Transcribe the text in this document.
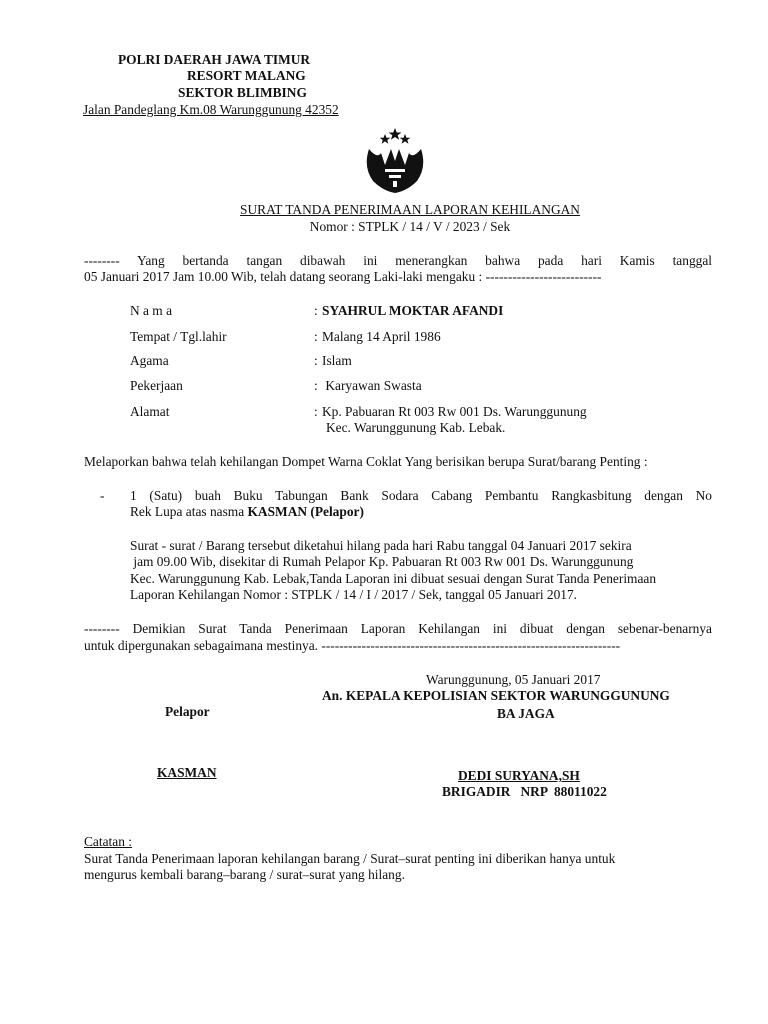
POLRI DAERAH JAWA TIMUR
RESORT MALANG
SEKTOR BLIMBING
Jalan Pandeglang Km.08 Warunggunung 42352
SURAT TANDA PENERIMAAN LAPORAN KEHILANGAN
Nomor : STPLK / 14 / V / 2023 / Sek
-------- Yang bertanda tangan dibawah ini menerangkan bahwa pada hari Kamis tanggal
05 Januari 2017 Jam 10.00 Wib, telah datang seorang Laki-laki mengaku : --------------------------
N a m a	: SYAHRUL MOKTAR AFANDI
Tempat / Tgl.lahir	: Malang 14 April 1986
Agama	: Islam
Pekerjaan	: Karyawan Swasta
Alamat	: Kp. Pabuaran Rt 003 Rw 001 Ds. Warunggunung
Kec. Warunggunung Kab. Lebak.
Melaporkan bahwa telah kehilangan Dompet Warna Coklat Yang berisikan berupa Surat/barang Penting :
- 1 (Satu) buah Buku Tabungan Bank Sodara Cabang Pembantu Rangkasbitung dengan No
Rek Lupa atas nasma KASMAN (Pelapor)
Surat - surat / Barang tersebut diketahui hilang pada hari Rabu tanggal 04 Januari 2017 sekira
jam 09.00 Wib, disekitar di Rumah Pelapor Kp. Pabuaran Rt 003 Rw 001 Ds. Warunggunung
Kec. Warunggunung Kab. Lebak,Tanda Laporan ini dibuat sesuai dengan Surat Tanda Penerimaan
Laporan Kehilangan Nomor : STPLK / 14 / I / 2017 / Sek, tanggal 05 Januari 2017.
-------- Demikian Surat Tanda Penerimaan Laporan Kehilangan ini dibuat dengan sebenar-benarnya
untuk dipergunakan sebagaimana mestinya. -------------------------------------------------------------------
Warunggunung, 05 Januari 2017
An. KEPALA KEPOLISIAN SEKTOR WARUNGGUNUNG
BA JAGA
Pelapor
KASMAN	DEDI SURYANA,SH
BRIGADIR   NRP  88011022
Catatan :
Surat Tanda Penerimaan laporan kehilangan barang / Surat–surat penting ini diberikan hanya untuk
mengurus kembali barang–barang / surat–surat yang hilang.
